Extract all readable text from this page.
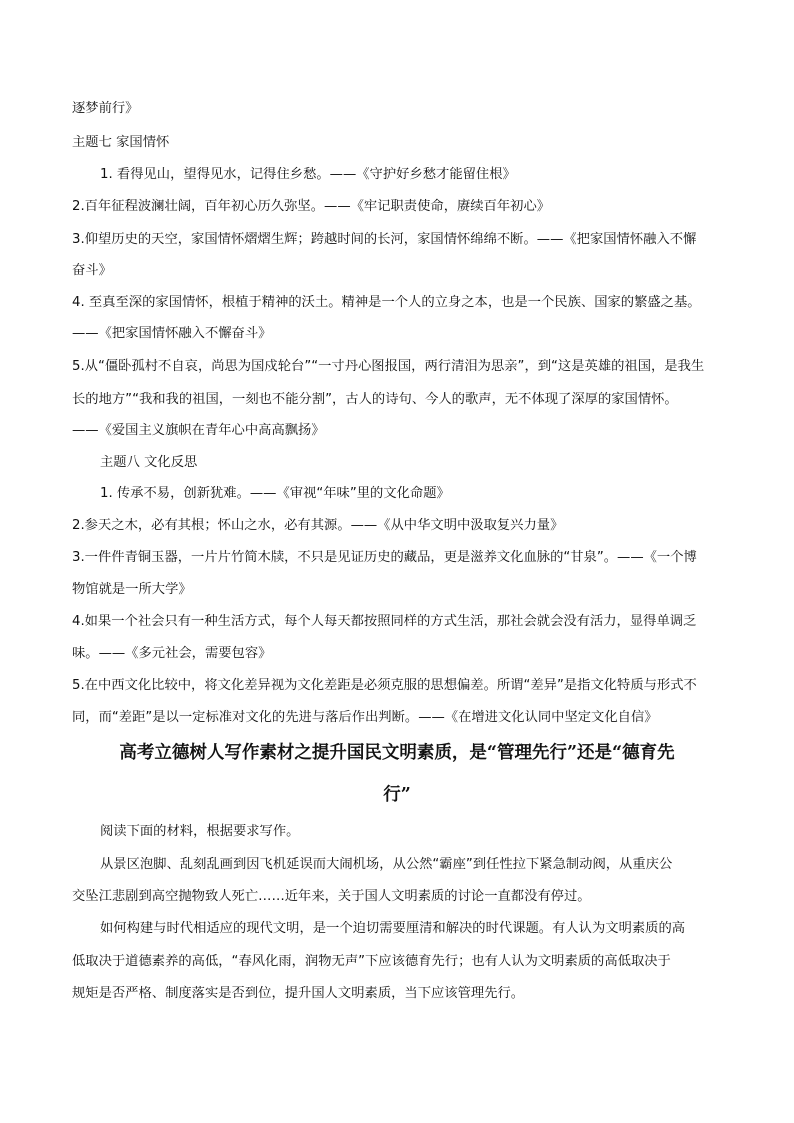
逐梦前行》
主题七 家国情怀
1. 看得见山，望得见水，记得住乡愁。——《守护好乡愁才能留住根》
2.百年征程波澜壮阔，百年初心历久弥坚。——《牢记职责使命，赓续百年初心》
3.仰望历史的天空，家国情怀熠熠生辉；跨越时间的长河，家国情怀绵绵不断。——《把家国情怀融入不懈
奋斗》
4. 至真至深的家国情怀，根植于精神的沃土。精神是一个人的立身之本，也是一个民族、国家的繁盛之基。
——《把家国情怀融入不懈奋斗》
5.从“僵卧孤村不自哀，尚思为国戍轮台”“一寸丹心图报国，两行清泪为思亲”，到“这是英雄的祖国，是我生
长的地方”“我和我的祖国，一刻也不能分割”，古人的诗句、今人的歌声，无不体现了深厚的家国情怀。
——《爱国主义旗帜在青年心中高高飘扬》
主题八 文化反思
1. 传承不易，创新犹难。——《审视“年味”里的文化命题》
2.参天之木，必有其根；怀山之水，必有其源。——《从中华文明中汲取复兴力量》
3.一件件青铜玉器，一片片竹简木牍，不只是见证历史的藏品，更是滋养文化血脉的“甘泉”。——《一个博
物馆就是一所大学》
4.如果一个社会只有一种生活方式，每个人每天都按照同样的方式生活，那社会就会没有活力，显得单调乏
味。——《多元社会，需要包容》
5.在中西文化比较中，将文化差异视为文化差距是必须克服的思想偏差。所谓“差异”是指文化特质与形式不
同，而“差距”是以一定标准对文化的先进与落后作出判断。——《在增进文化认同中坚定文化自信》
高考立德树人写作素材之提升国民文明素质，是“管理先行”还是“德育先
行”
阅读下面的材料，根据要求写作。
从景区泡脚、乱刻乱画到因飞机延误而大闹机场，从公然“霸座”到任性拉下紧急制动阀，从重庆公
交坠江悲剧到高空抛物致人死亡……近年来，关于国人文明素质的讨论一直都没有停过。
如何构建与时代相适应的现代文明，是一个迫切需要厘清和解决的时代课题。有人认为文明素质的高
低取决于道德素养的高低，“春风化雨，润物无声”下应该德育先行；也有人认为文明素质的高低取决于
规矩是否严格、制度落实是否到位，提升国人文明素质，当下应该管理先行。
